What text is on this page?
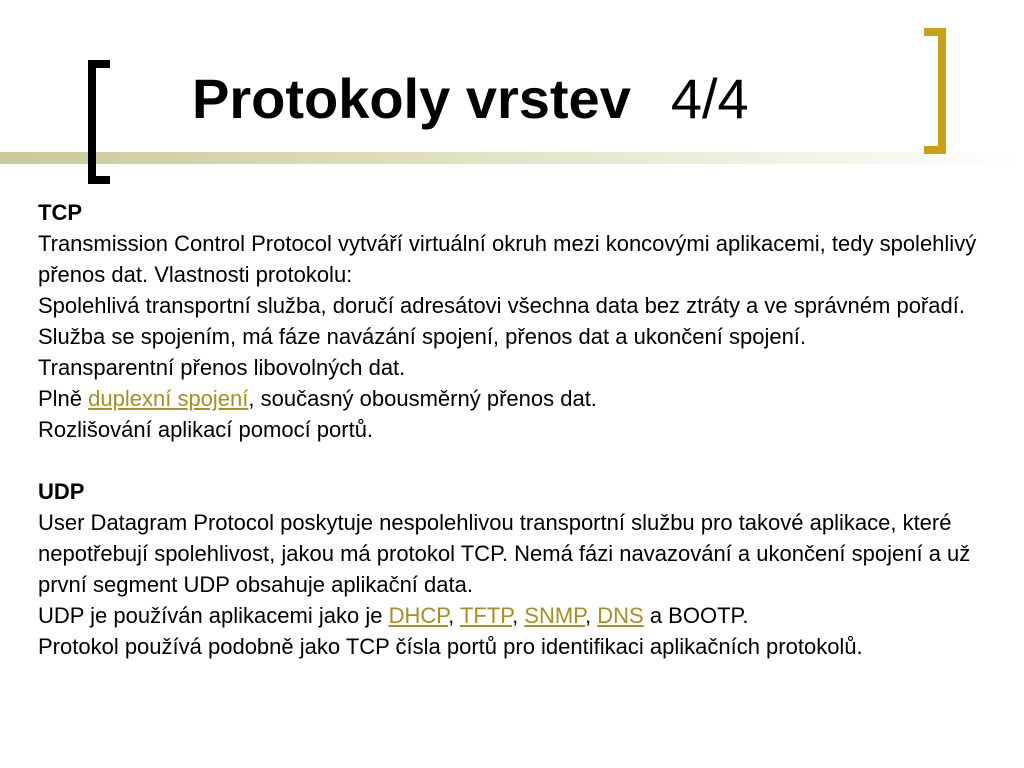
Protokoly vrstev 4/4

TCP

Transmission Control Protocol vytváří virtuální okruh mezi koncovými aplikacemi, tedy spolehlivý přenos dat. Vlastnosti protokolu:

Spolehlivá transportní služba, doručí adresátovi všechna data bez ztráty a ve správném pořadí.

Služba se spojením, má fáze navázání spojení, přenos dat a ukončení spojení.

Transparentní přenos libovolných dat.

Plně duplexní spojení, současný obousměrný přenos dat.

Rozlišování aplikací pomocí portů.

UDP

User Datagram Protocol poskytuje nespolehlivou transportní službu pro takové aplikace, které nepotřebují spolehlivost, jakou má protokol TCP. Nemá fázi navazování a ukončení spojení a už první segment UDP obsahuje aplikační data.

UDP je používán aplikacemi jako je DHCP, TFTP, SNMP, DNS a BOOTP.

Protokol používá podobně jako TCP čísla portů pro identifikaci aplikačních protokolů.
